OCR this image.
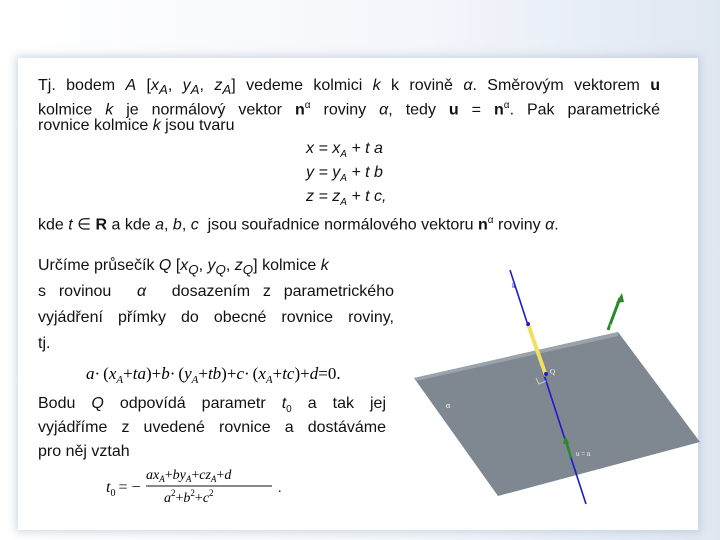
Tj. bodem A [$x_A$, $y_A$, $z_A$] vedeme kolmici k k rovině α. Směrovým vektorem u

kolmice k je normálový vektor $n^\alpha$ roviny α, tedy $u = n^\alpha$. Pak parametrické

rovnice kolmice k jsou tvaru

$x = x_A + t$ a
$y = y_A + t$ b
$z = z_A + t$ c,

kde t ∈ R a kde a, b, c  jsou souřadnice normálového vektoru $n^\alpha$ roviny α.

Určíme průsečík Q [$x_Q$, $y_Q$, $z_Q$] kolmice k

s rovinou  α  dosazením z parametrického

vyjádření přímky do obecné rovnice roviny,

tj.

$a\cdot (x_A+ta)+b\cdot (y_A+tb)+c\cdot (x_A+tc)+d=0$.

Bodu Q odpovídá parametr $t_0$ a tak jej

vyjádříme z uvedené rovnice a dostáváme

pro něj vztah

$t_0$ = −
$ax_A+by_A+cz_A+d$
$a^2+b^2+c^2$	.
k
A	n
Q
α
u = n
